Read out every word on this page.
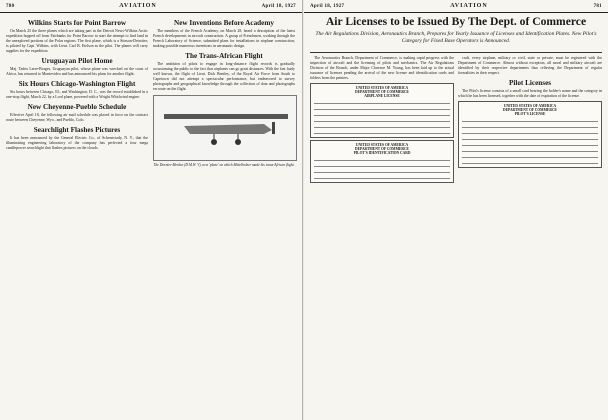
780	AVIATION	April 18, 1927
Wilkins Starts for Point Barrow

On March 25 the three planes which are taking part in the Detroit News-Wilkins Arctic expedition hopped off from Fairbanks for Point Barrow to start the attempt to find land in the unexplored portions of the Polar regions. The first plane, which is a Stinson-Detroiter, is piloted by Capt. Wilkins, with Lieut. Carl B. Eielson as the pilot. The planes will carry supplies for the expedition.

Uruguayan Pilot Home

Maj. Tadeo Larre-Borges, Uruguayan pilot, whose plane was wrecked on the coast of Africa, has returned to Montevideo and has announced his plans for another flight.

Six Hours Chicago-Washington Flight

Six hours between Chicago, Ill., and Washington, D. C., was the record established in a one-stop flight, March 22, by a Lord plane, powered with a Wright Whirlwind engine.

New Cheyenne-Pueblo Schedule

Effective April 18, the following air mail schedule was placed in force on the contract route between Cheyenne, Wyo., and Pueblo, Colo.

Searchlight Flashes Pictures

It has been announced by the General Electric Co., of Schenectady, N. Y., that the illuminating engineering laboratory of the company has perfected a four mega candlepower searchlight that flashes pictures on the clouds.

New Inventions Before Academy

The members of the French Academy, on March 28, heard a description of the latest French developments in aircraft construction. A group of Frenchmen, working through the French Laboratory of Science, submitted plans for installations in airplane construction, making possible numerous inventions in aeronautic design.

The Trans-African Flight

The ambition of pilots to engage in long-distance flight records is gradually accustoming the public to the fact that airplanes can go great distances. With the fast fairly well known, the flight of Lieut. Dick Bentley, of the Royal Air Force from South to Capetown did not attempt a spectacular performance, but endeavored to survey photographs and geographical knowledge through the collection of data and photographs en route on the flight.

The Dornier-Merkur (D.M.W. V), new 'plane' on which Mittelholzer made his trans-African flight.
April 18, 1927	AVIATION	781
Air Licenses to be Issued By The Dept. of Commerce
The Air Regulations Division, Aeronautics Branch, Prepares for Yearly Issuance of Licenses and Identification Plates. New Pilot's Category for Fixed Base Operators is Announced.

The Aeronautics Branch, Department of Commerce, is making rapid progress with the inspection of aircraft and the licensing of pilots and mechanics. The Air Regulations Division of the Branch, under Major Clarence M. Young, has been laid up to the actual issuance of licenses pending the arrival of the new license and identification cards and folders from the printers.

UNITED STATES OF AMERICA
DEPARTMENT OF COMMERCE
AIRPLANE LICENSE
UNITED STATES OF AMERICA
DEPARTMENT OF COMMERCE
PILOT'S IDENTIFICATION CARD

craft, every airplane, military or civil, state or private, must be registered with the Department of Commerce. Almost without exception, all naval and military aircraft are identified by their respective departments thus relieving the Department of regular formalities in their respect.

Pilot Licenses

The Pilot's license consists of a small card bearing the holder's name and the category in which he has been licensed, together with the date of expiration of the license.

UNITED STATES OF AMERICA
DEPARTMENT OF COMMERCE
PILOT'S LICENSE
